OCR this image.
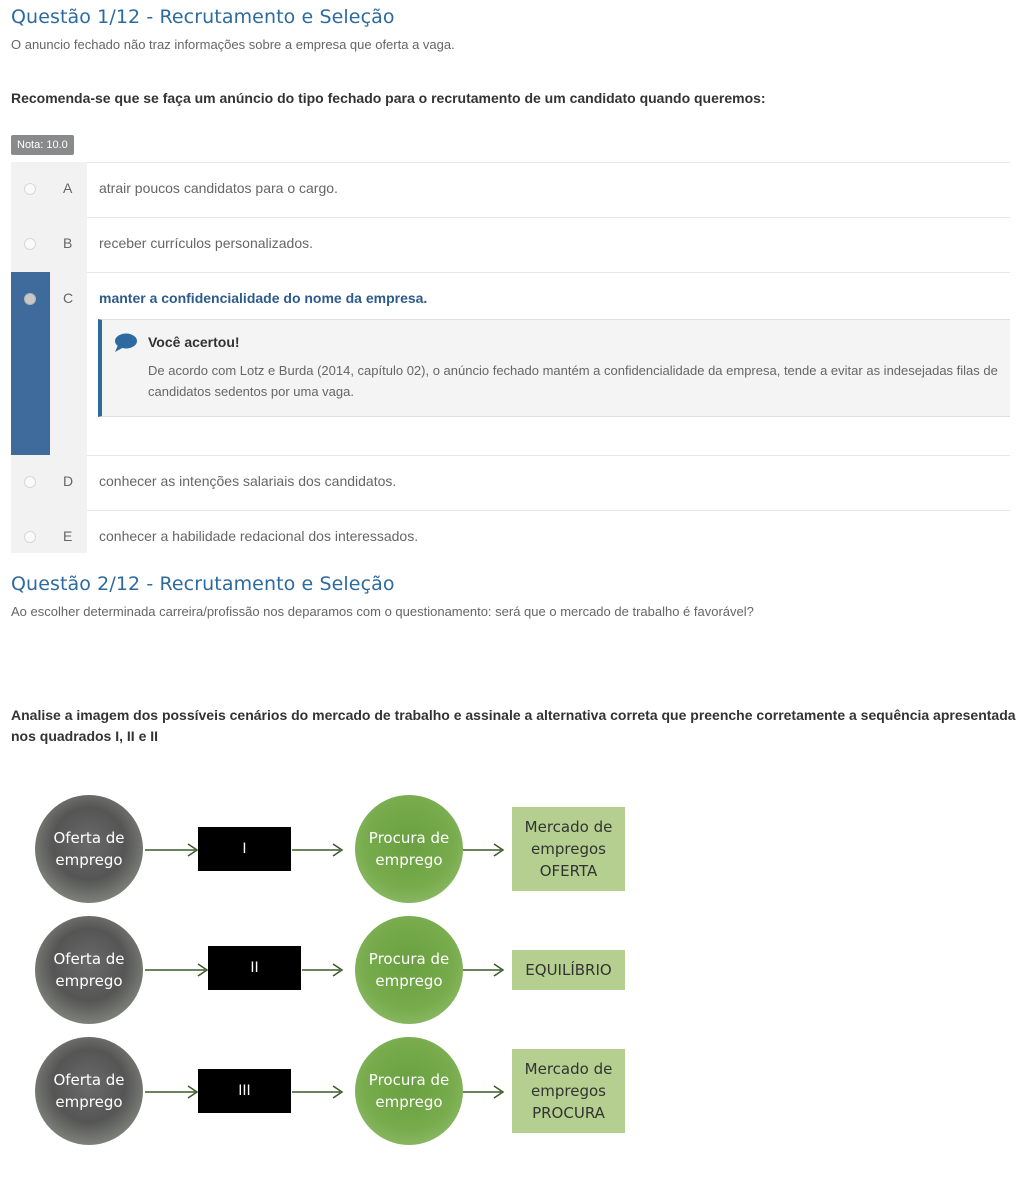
Questão 1/12 - Recrutamento e Seleção
O anuncio fechado não traz informações sobre a empresa que oferta a vaga.
Recomenda-se que se faça um anúncio do tipo fechado para o recrutamento de um candidato quando queremos:
Nota: 10.0
A atrair poucos candidatos para o cargo.
B receber currículos personalizados.
C manter a confidencialidade do nome da empresa.
Você acertou!
De acordo com Lotz e Burda (2014, capítulo 02), o anúncio fechado mantém a confidencialidade da empresa, tende a evitar as indesejadas filas de candidatos sedentos por uma vaga.
D conhecer as intenções salariais dos candidatos.
E conhecer a habilidade redacional dos interessados.
Questão 2/12 - Recrutamento e Seleção
Ao escolher determinada carreira/profissão nos deparamos com o questionamento: será que o mercado de trabalho é favorável?
Analise a imagem dos possíveis cenários do mercado de trabalho e assinale a alternativa correta que preenche corretamente a sequência apresentada nos quadrados I, II e II
Oferta de emprego
I
Procura de emprego
Mercado de empregos OFERTA
Oferta de emprego
II	Procura de emprego
EQUILÍBRIO
Oferta de emprego
III
Procura de emprego
Mercado de empregos PROCURA
